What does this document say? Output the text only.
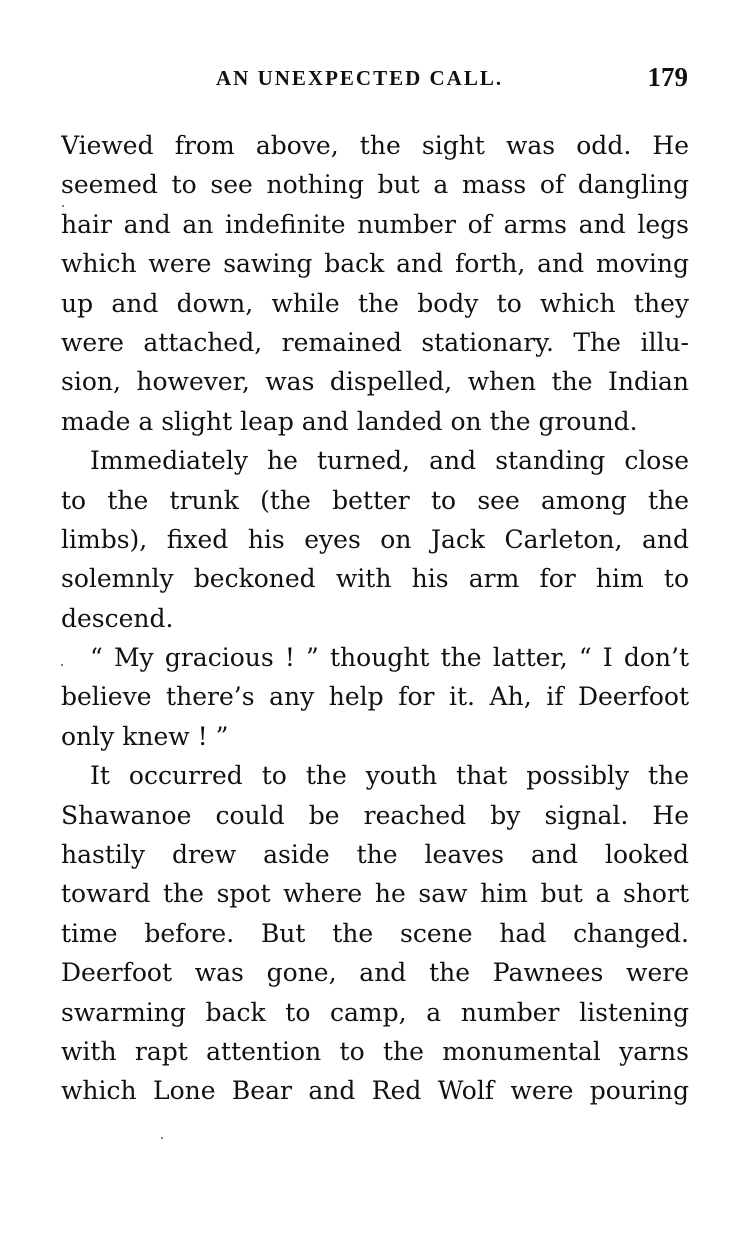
AN UNEXPECTED CALL.	179

Viewed from above, the sight was odd. He
seemed to see nothing but a mass of dangling
hair and an indefinite number of arms and legs
which were sawing back and forth, and moving
up and down, while the body to which they
were attached, remained stationary. The illu-
sion, however, was dispelled, when the Indian
made a slight leap and landed on the ground.

Immediately he turned, and standing close
to the trunk (the better to see among the
limbs), fixed his eyes on Jack Carleton, and
solemnly beckoned with his arm for him to
descend.

“ My gracious ! ” thought the latter, “ I don’t
believe there’s any help for it. Ah, if Deerfoot
only knew ! ”

It occurred to the youth that possibly the
Shawanoe could be reached by signal. He
hastily drew aside the leaves and looked
toward the spot where he saw him but a short
time before. But the scene had changed.
Deerfoot was gone, and the Pawnees were
swarming back to camp, a number listening
with rapt attention to the monumental yarns
which Lone Bear and Red Wolf were pouring
